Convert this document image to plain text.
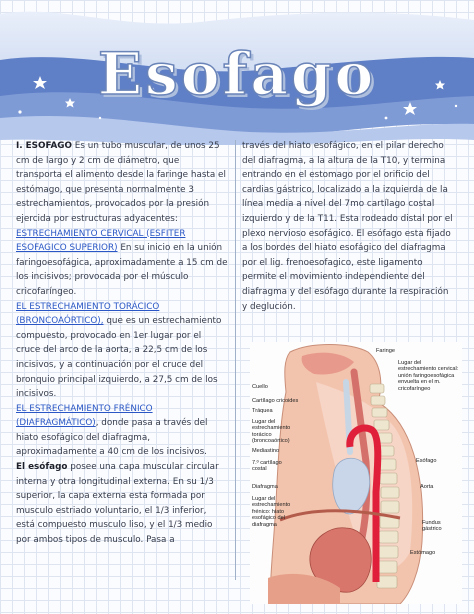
Esofago

I. ESOFAGO Es un tubo muscular, de unos 25 cm de largo y 2 cm de diámetro, que transporta el alimento desde la faringe hasta el estómago, que presenta normalmente 3 estrechamientos, provocados por la presión ejercida por estructuras adyacentes:

ESTRECHAMIENTO CERVICAL (ESFITER ESOFAGICO SUPERIOR) En su inicio en la unión faringoesofágica, aproximadamente a 15 cm de los incisivos; provocada por el músculo cricofaríngeo.

EL ESTRECHAMIENTO TORÁCICO (BRONCOAÓRTICO), que es un estrechamiento compuesto, provocado en 1er lugar por el cruce del arco de la aorta, a 22,5 cm de los incisivos, y a continuación por el cruce del bronquio principal izquierdo, a 27,5 cm de los incisivos.

EL ESTRECHAMIENTO FRÉNICO (DIAFRAGMÁTICO), donde pasa a través del hiato esofágico del diafragma, aproximadamente a 40 cm de los incisivos.

El esófago posee una capa muscular circular interna y otra longitudinal externa. En su 1/3 superior, la capa externa esta formada por musculo estriado voluntario, el 1/3 inferior, está compuesto musculo liso, y el 1/3 medio por ambos tipos de musculo. Pasa a

través del hiato esofágico, en el pilar derecho del diafragma, a la altura de la T10, y termina entrando en el estomago por el orificio del cardias gástrico, localizado a la izquierda de la línea media a nivel del 7mo cartílago costal izquierdo y de la T11. Esta rodeado distal por el plexo nervioso esofágico. El esófago esta fijado a los bordes del hiato esofágico del diafragma por el lig. frenoesofagico, este ligamento permite el movimiento independiente del diafragma y del esófago durante la respiración y deglución.

Faringe
Lugar del estrechamiento cervical: unión faringoesofágica envuelta en el m. cricofaríngeo
Cuello
Cartílago cricoides
Tráquea
Lugar del estrechamiento torácico (broncoaórtico)
Mediastino
7.º cartílago costal
Esófago
Aorta
Diafragma
Lugar del estrechamiento frénico: hiato esofágico del diafragma	Fundus gástrico
Estómago
